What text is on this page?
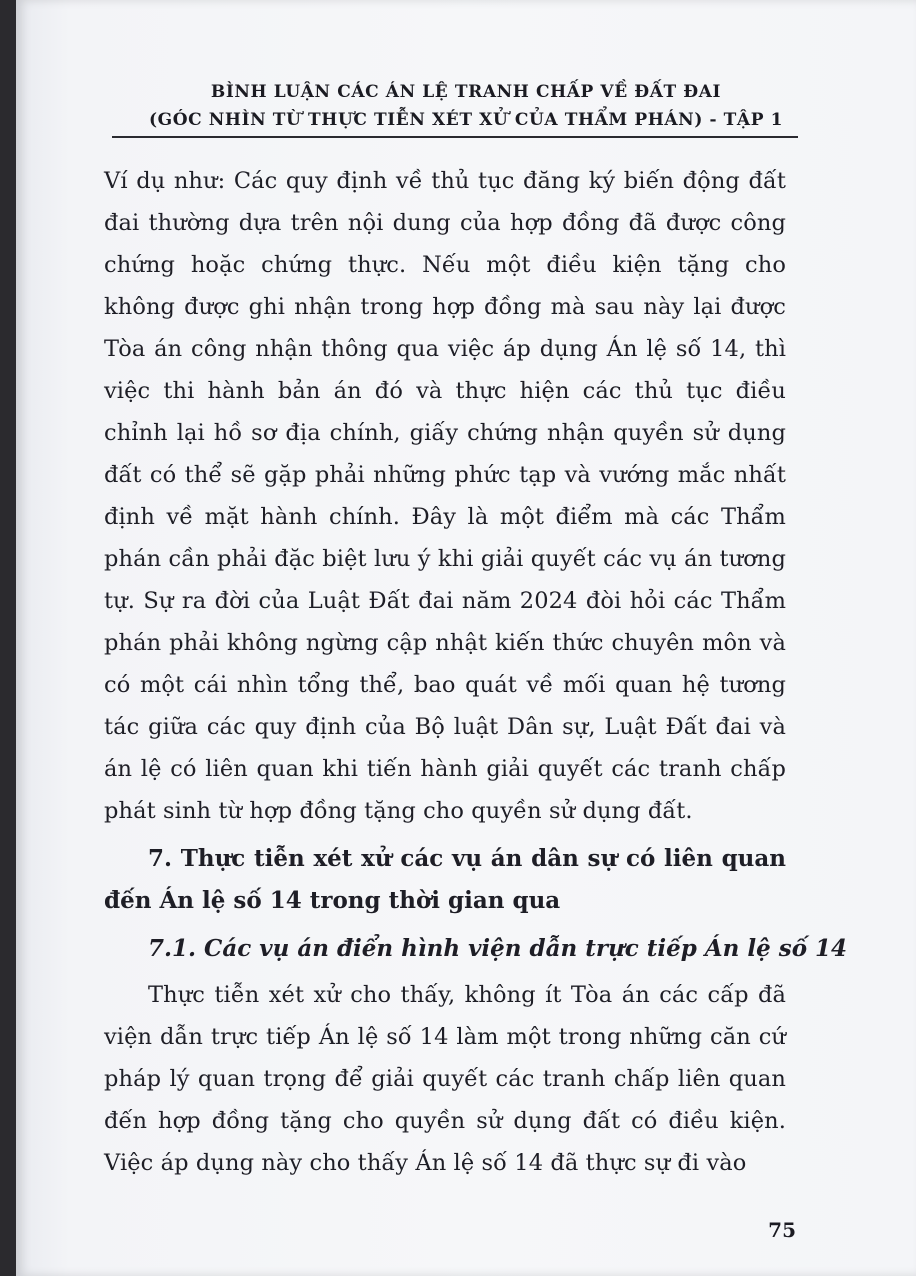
BÌNH LUẬN CÁC ÁN LỆ TRANH CHẤP VỀ ĐẤT ĐAI
(GÓC NHÌN TỪ THỰC TIỄN XÉT XỬ CỦA THẨM PHÁN) - TẬP 1

Ví dụ như: Các quy định về thủ tục đăng ký biến động đất đai thường dựa trên nội dung của hợp đồng đã được công chứng hoặc chứng thực. Nếu một điều kiện tặng cho không được ghi nhận trong hợp đồng mà sau này lại được Tòa án công nhận thông qua việc áp dụng Án lệ số 14, thì việc thi hành bản án đó và thực hiện các thủ tục điều chỉnh lại hồ sơ địa chính, giấy chứng nhận quyền sử dụng đất có thể sẽ gặp phải những phức tạp và vướng mắc nhất định về mặt hành chính. Đây là một điểm mà các Thẩm phán cần phải đặc biệt lưu ý khi giải quyết các vụ án tương tự. Sự ra đời của Luật Đất đai năm 2024 đòi hỏi các Thẩm phán phải không ngừng cập nhật kiến thức chuyên môn và có một cái nhìn tổng thể, bao quát về mối quan hệ tương tác giữa các quy định của Bộ luật Dân sự, Luật Đất đai và án lệ có liên quan khi tiến hành giải quyết các tranh chấp phát sinh từ hợp đồng tặng cho quyền sử dụng đất.

7. Thực tiễn xét xử các vụ án dân sự có liên quan đến Án lệ số 14 trong thời gian qua

7.1. Các vụ án điển hình viện dẫn trực tiếp Án lệ số 14

Thực tiễn xét xử cho thấy, không ít Tòa án các cấp đã viện dẫn trực tiếp Án lệ số 14 làm một trong những căn cứ pháp lý quan trọng để giải quyết các tranh chấp liên quan đến hợp đồng tặng cho quyền sử dụng đất có điều kiện. Việc áp dụng này cho thấy Án lệ số 14 đã thực sự đi vào

75
